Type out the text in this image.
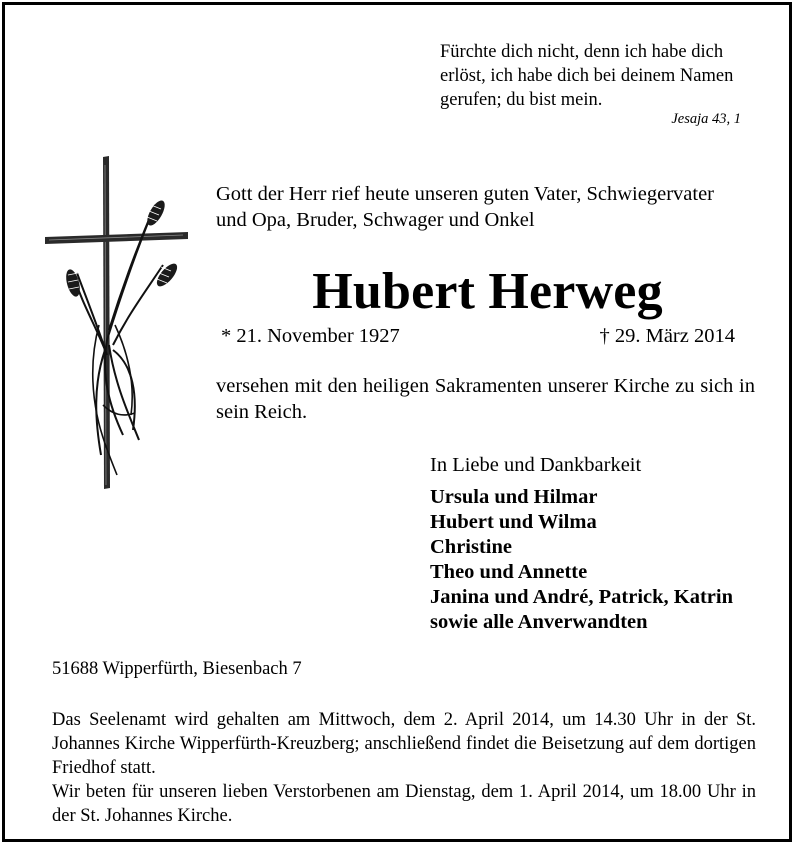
Fürchte dich nicht, denn ich habe dich
erlöst, ich habe dich bei deinem Namen
gerufen; du bist mein.
Jesaja 43, 1
Gott der Herr rief heute unseren guten Vater, Schwiegervater
und Opa, Bruder, Schwager und Onkel
Hubert Herweg
* 21. November 1927	† 29. März 2014
versehen mit den heiligen Sakramenten unserer Kirche zu sich in sein Reich.
In Liebe und Dankbarkeit
Ursula und Hilmar
Hubert und Wilma
Christine
Theo und Annette
Janina und André, Patrick, Katrin
sowie alle Anverwandten
51688 Wipperfürth, Biesenbach 7

Das Seelenamt wird gehalten am Mittwoch, dem 2. April 2014, um 14.30 Uhr in der St. Johannes Kirche Wipperfürth-Kreuzberg; anschließend findet die Beisetzung auf dem dortigen Friedhof statt.

Wir beten für unseren lieben Verstorbenen am Dienstag, dem 1. April 2014, um 18.00 Uhr in der St. Johannes Kirche.
